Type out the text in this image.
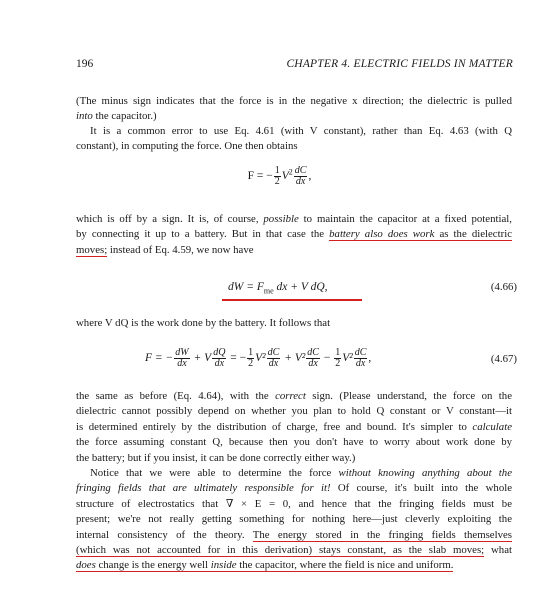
196	CHAPTER 4. ELECTRIC FIELDS IN MATTER
(The minus sign indicates that the force is in the negative x direction; the dielectric is pulled
into the capacitor.)
It is a common error to use Eq. 4.61 (with V constant), rather than Eq. 4.63 (with Q
constant), in computing the force. One then obtains
F = − $\frac{1}{2} V^2 \frac{dC}{dx}$ ,
which is off by a sign. It is, of course, possible to maintain the capacitor at a fixed potential,
by connecting it up to a battery. But in that case the battery also does work as the dielectric
moves; instead of Eq. 4.59, we now have
dW = $F_{me}$ dx + V dQ,	(4.66)
where V dQ is the work done by the battery. It follows that
F = − $\frac{dW}{dx} + V \frac{dQ}{dx}$ = − $\frac{1}{2} V^2 \frac{dC}{dx} + V^2 \frac{dC}{dx} - \frac{1}{2} V^2 \frac{dC}{dx}$ ,	(4.67)
the same as before (Eq. 4.64), with the correct sign. (Please understand, the force on the
dielectric cannot possibly depend on whether you plan to hold Q constant or V constant—it
is determined entirely by the distribution of charge, free and bound. It's simpler to calculate
the force assuming constant Q, because then you don't have to worry about work done by
the battery; but if you insist, it can be done correctly either way.)
Notice that we were able to determine the force without knowing anything about the
fringing fields that are ultimately responsible for it! Of course, it's built into the whole
structure of electrostatics that ∇ × E = 0, and hence that the fringing fields must be
present; we're not really getting something for nothing here—just cleverly exploiting the
internal consistency of the theory. The energy stored in the fringing fields themselves
(which was not accounted for in this derivation) stays constant, as the slab moves; what
does change is the energy well inside the capacitor, where the field is nice and uniform.
